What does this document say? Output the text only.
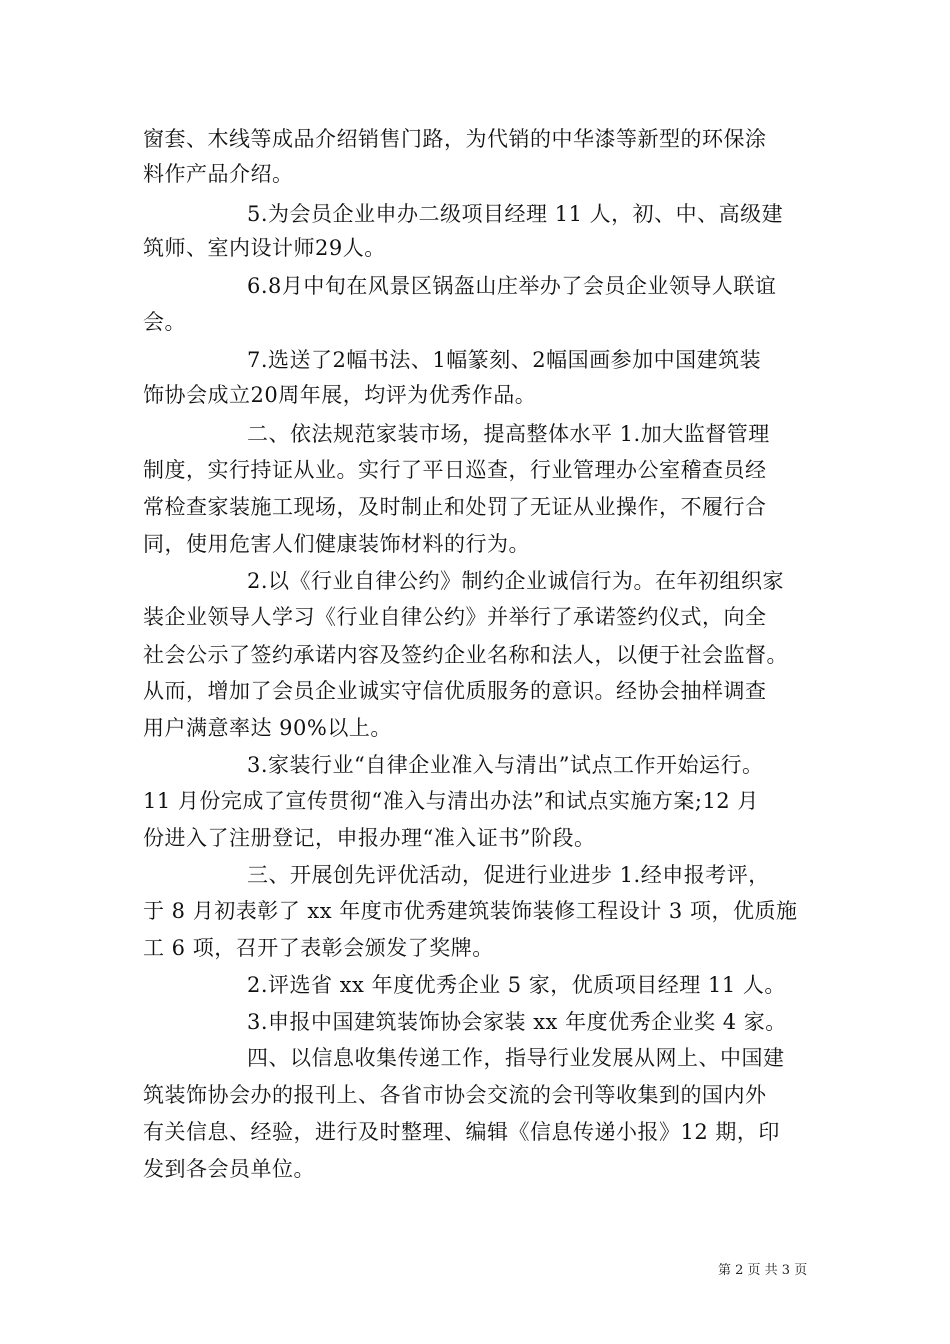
窗套、木线等成品介绍销售门路，为代销的中华漆等新型的环保涂
料作产品介绍。
5.为会员企业申办二级项目经理 11 人，初、中、高级建
筑师、室内设计师29人。
6.8月中旬在风景区锅盔山庄举办了会员企业领导人联谊
会。
7.选送了2幅书法、1幅篆刻、2幅国画参加中国建筑装
饰协会成立20周年展，均评为优秀作品。
二、依法规范家装市场，提高整体水平 1.加大监督管理
制度，实行持证从业。实行了平日巡查，行业管理办公室稽查员经
常检查家装施工现场，及时制止和处罚了无证从业操作，不履行合
同，使用危害人们健康装饰材料的行为。
2.以《行业自律公约》制约企业诚信行为。在年初组织家
装企业领导人学习《行业自律公约》并举行了承诺签约仪式，向全
社会公示了签约承诺内容及签约企业名称和法人，以便于社会监督。
从而，增加了会员企业诚实守信优质服务的意识。经协会抽样调查
用户满意率达 90%以上。
3.家装行业“自律企业准入与清出”试点工作开始运行。
11 月份完成了宣传贯彻“准入与清出办法”和试点实施方案;12 月
份进入了注册登记，申报办理“准入证书”阶段。
三、开展创先评优活动，促进行业进步 1.经申报考评，
于 8 月初表彰了 xx 年度市优秀建筑装饰装修工程设计 3 项，优质施
工 6 项，召开了表彰会颁发了奖牌。
2.评选省 xx 年度优秀企业 5 家，优质项目经理 11 人。
3.申报中国建筑装饰协会家装 xx 年度优秀企业奖 4 家。
四、以信息收集传递工作，指导行业发展从网上、中国建
筑装饰协会办的报刊上、各省市协会交流的会刊等收集到的国内外
有关信息、经验，进行及时整理、编辑《信息传递小报》12 期，印
发到各会员单位。
第 2 页 共 3 页
